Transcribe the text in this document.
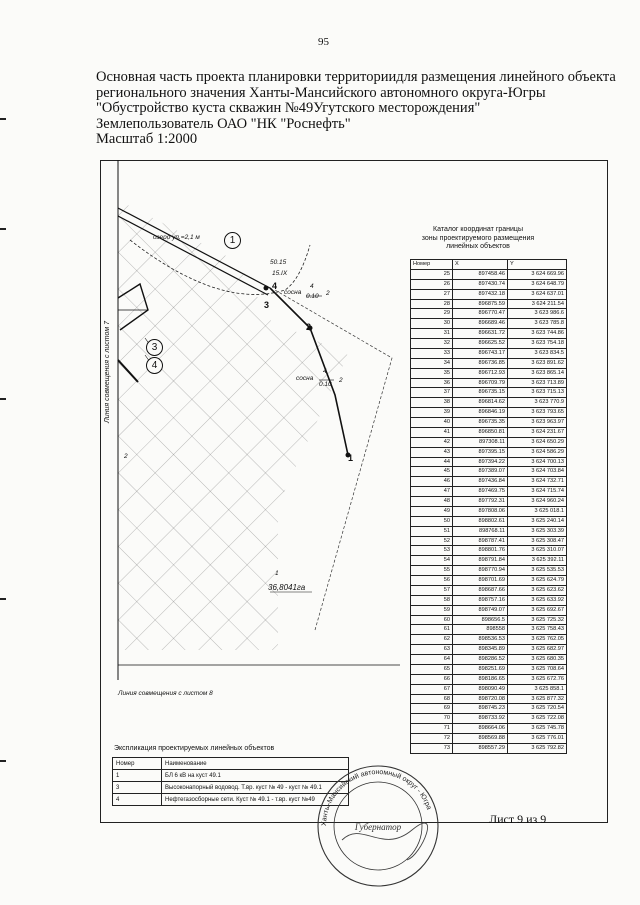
95
Основная часть проекта планировки территориидля размещения линейного объекта
регионального значения Ханты-Мансийского автономного округа-Югры
"Обустройство куста скважин №49Угутского месторождения"
Землепользователь ОАО "НК "Роснефть"
Масштаб 1:2000
Линия совмещения с листом 7
Линия совмещения с листом 8
озеро уп.=2,1 м
50.15
15.IX
сосна
4
0.10 2
сосна
4
0.10
2
36,8041га
2
1
1
2
3
4
1
3
4
Каталог координат границы
зоны проектируемого размещения
линейных объектов
Номер	X	Y
25	897458.46	3 624 669.96
26	897430.74	3 624 648.79
27	897432.18	3 624 637.01
28	896875.59	3 624 211.54
29	896770.47	3 623 986.6
30	896689.46	3 623 785.8
31	896631.72	3 623 744.86
32	896625.52	3 623 754.18
33	896743.17	3 623 834.5
34	896736.85	3 623 891.62
35	896712.93	3 623 865.14
36	896709.79	3 623 713.89
37	896735.15	3 623 715.13
38	896814.62	3 623 770.9
39	896846.19	3 623 793.65
40	896735.35	3 623 963.97
41	896850.81	3 624 231.67
42	897308.11	3 624 650.29
43	897395.15	3 624 586.29
44	897394.22	3 624 700.13
45	897389.07	3 624 703.84
46	897436.84	3 624 732.71
47	897469.75	3 624 715.74
48	897792.31	3 624 960.24
49	897808.06	3 625 018.1
50	898802.61	3 625 240.14
51	898768.11	3 625 303.39
52	898787.41	3 625 308.47
53	898801.76	3 625 310.07
54	898791.84	3 625 392.11
55	898770.94	3 625 535.53
56	898701.69	3 625 624.79
57	898687.66	3 625 623.62
58	898757.16	3 625 633.92
59	898749.07	3 625 692.67
60	898656.5	3 625 725.32
61	898558	3 625 758.43
62	898536.53	3 625 762.05
63	898345.89	3 625 682.97
64	898286.52	3 625 680.35
65	898251.69	3 625 708.64
66	898186.65	3 625 672.76
67	898090.49	3 625 858.1
68	898720.08	3 625 877.32
69	898745.23	3 625 720.54
70	898733.92	3 625 722.08
71	898664.06	3 625 745.78
72	898569.88	3 625 776.01
73	898557.29	3 625 792.82
Экспликация проектируемых линейных объектов
Номер	Наименование
1	БЛ 6 кВ на куст 49.1
3	Высоконапорный водовод. Т.вр. куст № 49 - куст № 49.1
4	Нефтегазосборные сети. Куст № 49.1 - т.вр. куст №49
Лист 9 из 9
Ханты-Мансийский автономный округ - Югра
Губернатор
